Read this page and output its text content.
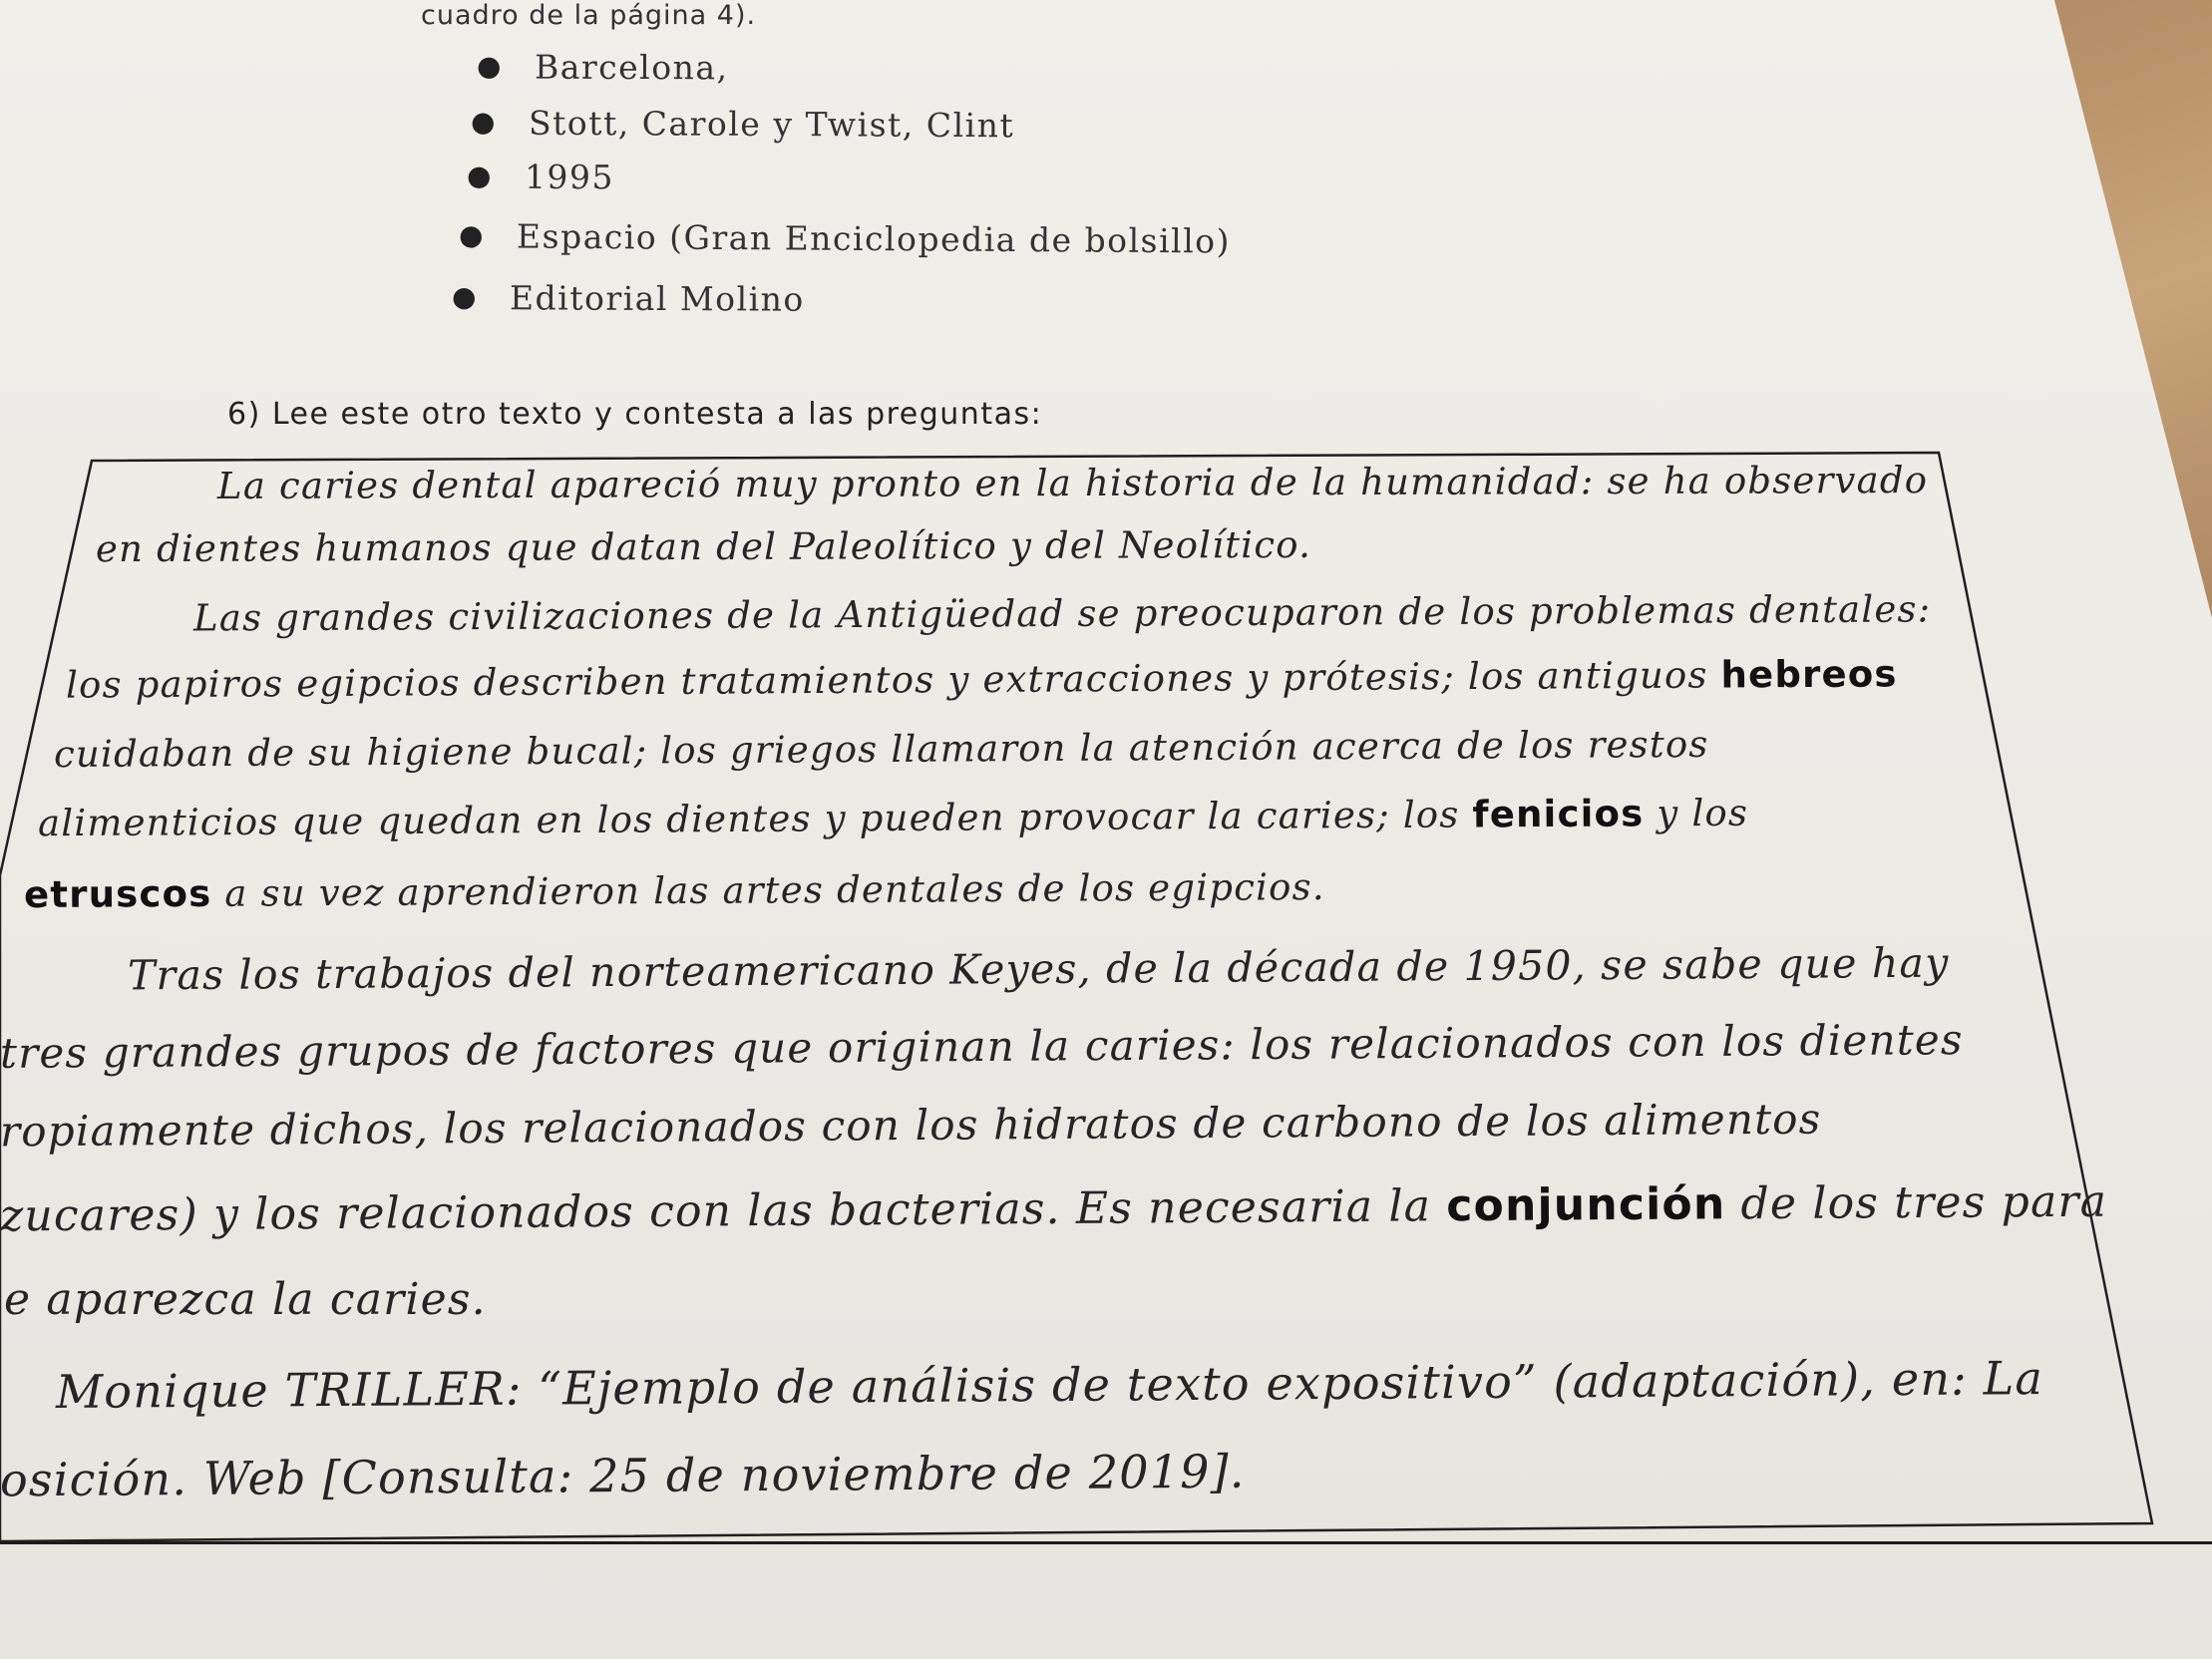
cuadro de la página 4).
● Barcelona,
● Stott, Carole y Twist, Clint
● 1995
● Espacio (Gran Enciclopedia de bolsillo)
● Editorial Molino
6) Lee este otro texto y contesta a las preguntas:
La caries dental apareció muy pronto en la historia de la humanidad: se ha observado
en dientes humanos que datan del Paleolítico y del Neolítico.
Las grandes civilizaciones de la Antigüedad se preocuparon de los problemas dentales:
los papiros egipcios describen tratamientos y extracciones y prótesis; los antiguos hebreos
cuidaban de su higiene bucal; los griegos llamaron la atención acerca de los restos
alimenticios que quedan en los dientes y pueden provocar la caries; los fenicios y los
etruscos a su vez aprendieron las artes dentales de los egipcios.
Tras los trabajos del norteamericano Keyes, de la década de 1950, se sabe que hay
tres grandes grupos de factores que originan la caries: los relacionados con los dientes
ropiamente dichos, los relacionados con los hidratos de carbono de los alimentos
zucares) y los relacionados con las bacterias. Es necesaria la conjunción de los tres para
e aparezca la caries.
Monique TRILLER: “Ejemplo de análisis de texto expositivo” (adaptación), en: La
osición. Web [Consulta: 25 de noviembre de 2019].
